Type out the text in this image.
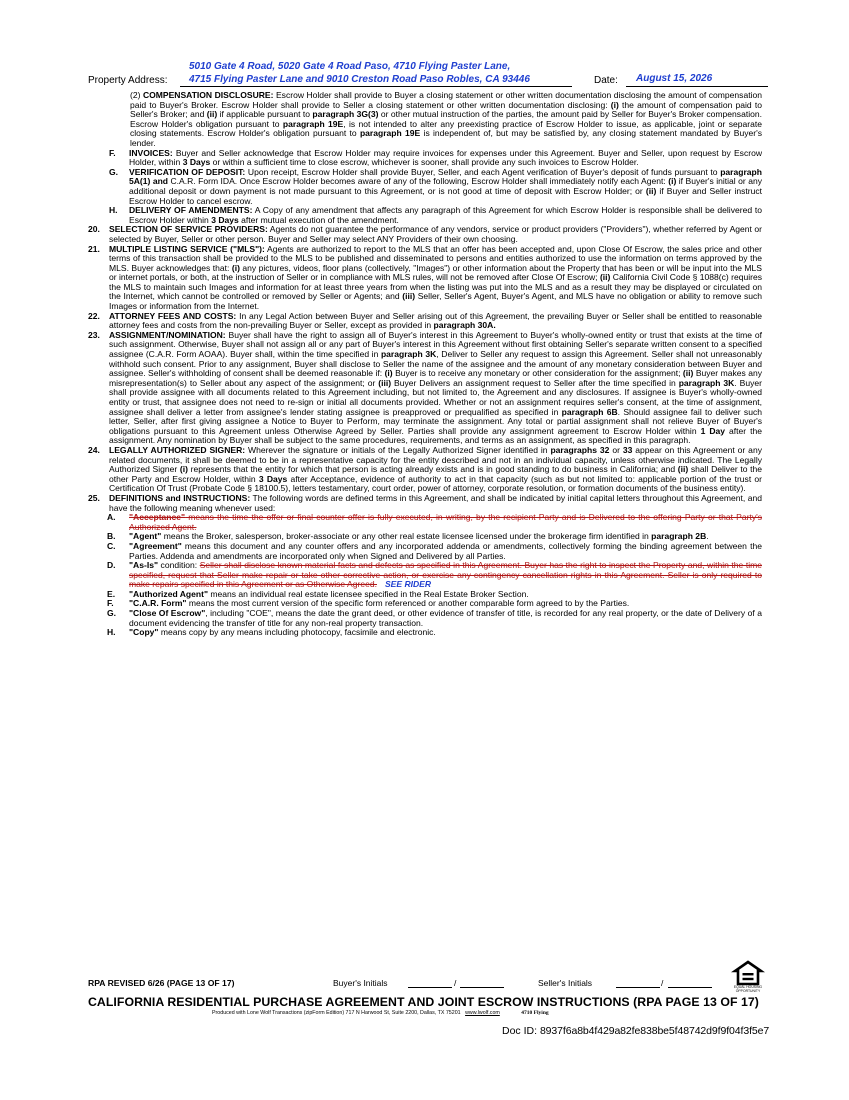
Property Address:
5010 Gate 4 Road, 5020 Gate 4 Road Paso, 4710 Flying Paster Lane,
4715 Flying Paster Lane and 9010 Creston Road Paso Robles, CA 93446	Date: August 15, 2026
(2) COMPENSATION DISCLOSURE: Escrow Holder shall provide to Buyer a closing statement or other written documentation disclosing the amount of compensation paid to Buyer's Broker. Escrow Holder shall provide to Seller a closing statement or other written documentation disclosing: (i) the amount of compensation paid to Seller's Broker; and (ii) if applicable pursuant to paragraph 3G(3) or other mutual instruction of the parties, the amount paid by Seller for Buyer's Broker compensation. Escrow Holder's obligation pursuant to paragraph 19E, is not intended to alter any preexisting practice of Escrow Holder to issue, as applicable, joint or separate closing statements. Escrow Holder's obligation pursuant to paragraph 19E is independent of, but may be satisfied by, any closing statement mandated by Buyer's lender.
F.	INVOICES: Buyer and Seller acknowledge that Escrow Holder may require invoices for expenses under this Agreement. Buyer and Seller, upon request by Escrow Holder, within 3 Days or within a sufficient time to close escrow, whichever is sooner, shall provide any such invoices to Escrow Holder.
G.	VERIFICATION OF DEPOSIT: Upon receipt, Escrow Holder shall provide Buyer, Seller, and each Agent verification of Buyer's deposit of funds pursuant to paragraph 5A(1) and C.A.R. Form IDA. Once Escrow Holder becomes aware of any of the following, Escrow Holder shall immediately notify each Agent: (i) if Buyer's initial or any additional deposit or down payment is not made pursuant to this Agreement, or is not good at time of deposit with Escrow Holder; or (ii) if Buyer and Seller instruct Escrow Holder to cancel escrow.
H.	DELIVERY OF AMENDMENTS: A Copy of any amendment that affects any paragraph of this Agreement for which Escrow Holder is responsible shall be delivered to Escrow Holder within 3 Days after mutual execution of the amendment.
20.	SELECTION OF SERVICE PROVIDERS: Agents do not guarantee the performance of any vendors, service or product providers ("Providers"), whether referred by Agent or selected by Buyer, Seller or other person. Buyer and Seller may select ANY Providers of their own choosing.
21.	MULTIPLE LISTING SERVICE ("MLS"): Agents are authorized to report to the MLS that an offer has been accepted and, upon Close Of Escrow, the sales price and other terms of this transaction shall be provided to the MLS to be published and disseminated to persons and entities authorized to use the information on terms approved by the MLS. Buyer acknowledges that: (i) any pictures, videos, floor plans (collectively, "Images") or other information about the Property that has been or will be input into the MLS or internet portals, or both, at the instruction of Seller or in compliance with MLS rules, will not be removed after Close Of Escrow; (ii) California Civil Code § 1088(c) requires the MLS to maintain such Images and information for at least three years from when the listing was put into the MLS and as a result they may be displayed or circulated on the Internet, which cannot be controlled or removed by Seller or Agents; and (iii) Seller, Seller's Agent, Buyer's Agent, and MLS have no obligation or ability to remove such Images or information from the Internet.
22.	ATTORNEY FEES AND COSTS: In any Legal Action between Buyer and Seller arising out of this Agreement, the prevailing Buyer or Seller shall be entitled to reasonable attorney fees and costs from the non-prevailing Buyer or Seller, except as provided in paragraph 30A.
23.	ASSIGNMENT/NOMINATION: Buyer shall have the right to assign all of Buyer's interest in this Agreement to Buyer's wholly-owned entity or trust that exists at the time of such assignment. Otherwise, Buyer shall not assign all or any part of Buyer's interest in this Agreement without first obtaining Seller's separate written consent to a specified assignee (C.A.R. Form AOAA). Buyer shall, within the time specified in paragraph 3K, Deliver to Seller any request to assign this Agreement. Seller shall not unreasonably withhold such consent. Prior to any assignment, Buyer shall disclose to Seller the name of the assignee and the amount of any monetary consideration between Buyer and assignee. Seller's withholding of consent shall be deemed reasonable if: (i) Buyer is to receive any monetary or other consideration for the assignment; (ii) Buyer makes any misrepresentation(s) to Seller about any aspect of the assignment; or (iii) Buyer Delivers an assignment request to Seller after the time specified in paragraph 3K. Buyer shall provide assignee with all documents related to this Agreement including, but not limited to, the Agreement and any disclosures. If assignee is Buyer's wholly-owned entity or trust, that assignee does not need to re-sign or initial all documents provided. Whether or not an assignment requires seller's consent, at the time of assignment, assignee shall deliver a letter from assignee's lender stating assignee is preapproved or prequalified as specified in paragraph 6B. Should assignee fail to deliver such letter, Seller, after first giving assignee a Notice to Buyer to Perform, may terminate the assignment. Any total or partial assignment shall not relieve Buyer of Buyer's obligations pursuant to this Agreement unless Otherwise Agreed by Seller. Parties shall provide any assignment agreement to Escrow Holder within 1 Day after the assignment. Any nomination by Buyer shall be subject to the same procedures, requirements, and terms as an assignment, as specified in this paragraph.
24.	LEGALLY AUTHORIZED SIGNER: Wherever the signature or initials of the Legally Authorized Signer identified in paragraphs 32 or 33 appear on this Agreement or any related documents, it shall be deemed to be in a representative capacity for the entity described and not in an individual capacity, unless otherwise indicated. The Legally Authorized Signer (i) represents that the entity for which that person is acting already exists and is in good standing to do business in California; and (ii) shall Deliver to the other Party and Escrow Holder, within 3 Days after Acceptance, evidence of authority to act in that capacity (such as but not limited to: applicable portion of the trust or Certification Of Trust (Probate Code § 18100.5), letters testamentary, court order, power of attorney, corporate resolution, or formation documents of the business entity).
25.	DEFINITIONS and INSTRUCTIONS: The following words are defined terms in this Agreement, and shall be indicated by initial capital letters throughout this Agreement, and have the following meaning whenever used:
A.	"Acceptance" means the time the offer or final counter offer is fully executed, in writing, by the recipient Party and is Delivered to the offering Party or that Party's Authorized Agent.
B.	"Agent" means the Broker, salesperson, broker-associate or any other real estate licensee licensed under the brokerage firm identified in paragraph 2B.
C.	"Agreement" means this document and any counter offers and any incorporated addenda or amendments, collectively forming the binding agreement between the Parties. Addenda and amendments are incorporated only when Signed and Delivered by all Parties.
D.	"As-Is" condition: Seller shall disclose known material facts and defects as specified in this Agreement. Buyer has the right to inspect the Property and, within the time specified, request that Seller make repair or take other corrective action, or exercise any contingency cancellation rights in this Agreement. Seller is only required to make repairs specified in this Agreement or as Otherwise Agreed. SEE RIDER
E.	"Authorized Agent" means an individual real estate licensee specified in the Real Estate Broker Section.
F.	"C.A.R. Form" means the most current version of the specific form referenced or another comparable form agreed to by the Parties.
G.	"Close Of Escrow", including "COE", means the date the grant deed, or other evidence of transfer of title, is recorded for any real property, or the date of Delivery of a document evidencing the transfer of title for any non-real property transaction.
H.	"Copy" means copy by any means including photocopy, facsimile and electronic.
RPA REVISED 6/26 (PAGE 13 OF 17)	Buyer's Initials	/	Seller's Initials	/	EQUAL HOUSING OPPORTUNITY
CALIFORNIA RESIDENTIAL PURCHASE AGREEMENT AND JOINT ESCROW INSTRUCTIONS (RPA PAGE 13 OF 17)
Produced with Lone Wolf Transactions (zipForm Edition) 717 N Harwood St, Suite 2200, Dallas, TX 75201 www.lwolf.com	4710 Flying
Doc ID: 8937f6a8b4f429a82fe838be5f48742d9f9f04f3f5e7
